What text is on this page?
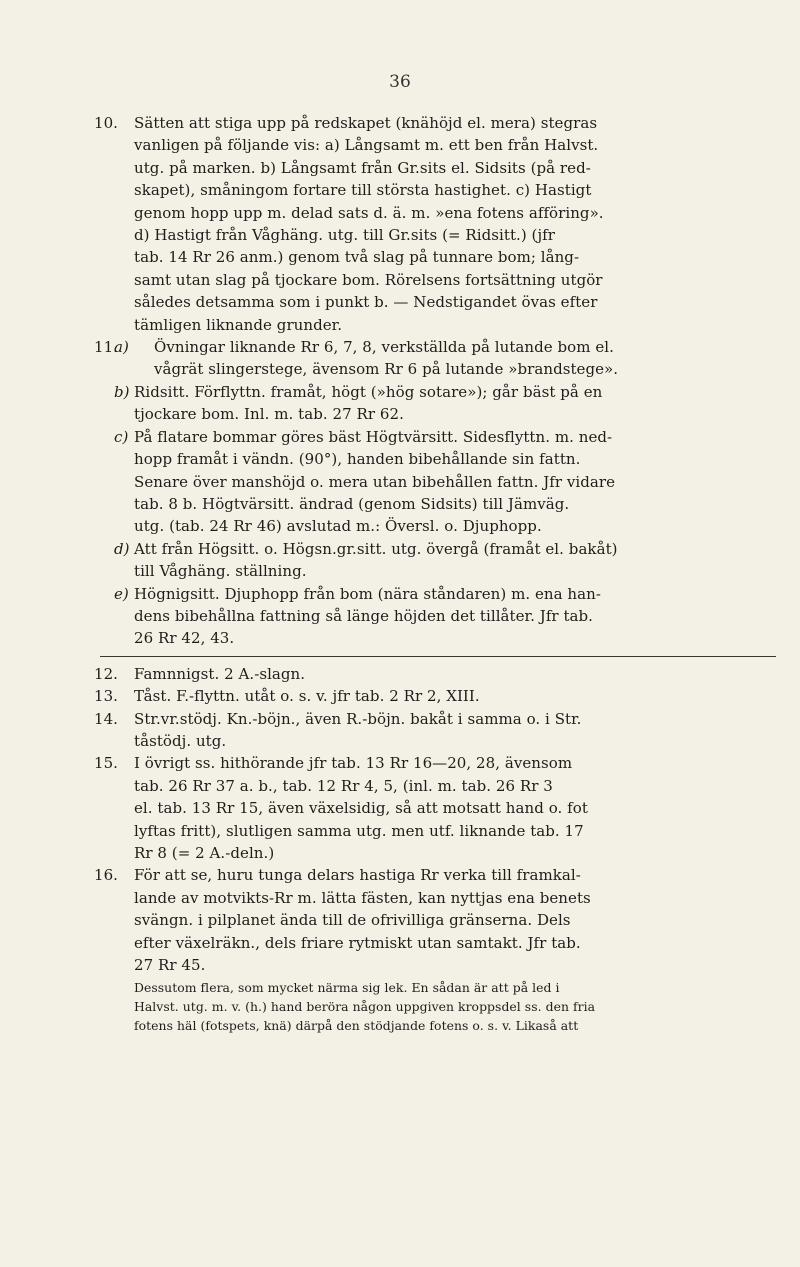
36
10. Sätten att stiga upp på redskapet (knähöjd el. mera) stegras
vanligen på följande vis: a) Långsamt m. ett ben från Halvst.
utg. på marken. b) Långsamt från Gr.sits el. Sidsits (på red-
skapet), småningom fortare till största hastighet. c) Hastigt
genom hopp upp m. delad sats d. ä. m. »ena fotens afföring».
d) Hastigt från Våghäng. utg. till Gr.sits (= Ridsitt.) (jfr
tab. 14 Rr 26 anm.) genom två slag på tunnare bom; lång-
samt utan slag på tjockare bom. Rörelsens fortsättning utgör
således detsamma som i punkt b. — Nedstigandet övas efter
tämligen liknande grunder.
11.
a)	Övningar liknande Rr 6, 7, 8, verkställda på lutande bom el.
vågrät slingerstege, ävensom Rr 6 på lutande »brandstege».
b) Ridsitt. Förflyttn. framåt, högt (»hög sotare»); går bäst på en
tjockare bom. Inl. m. tab. 27 Rr 62.
c) På flatare bommar göres bäst Högtvärsitt. Sidesflyttn. m. ned-
hopp framåt i vändn. (90°), handen bibehållande sin fattn.
Senare över manshöjd o. mera utan bibehållen fattn. Jfr vidare
tab. 8 b. Högtvärsitt. ändrad (genom Sidsits) till Jämväg.
utg. (tab. 24 Rr 46) avslutad m.: Översl. o. Djuphopp.
d) Att från Högsitt. o. Högsn.gr.sitt. utg. övergå (framåt el. bakåt)
till Våghäng. ställning.
e) Högnigsitt. Djuphopp från bom (nära ståndaren) m. ena han-
dens bibehållna fattning så länge höjden det tillåter. Jfr tab.
26 Rr 42, 43.
12. Famnnigst. 2 A.-slagn.
13. Tåst. F.-flyttn. utåt o. s. v. jfr tab. 2 Rr 2, XIII.
14. Str.vr.stödj. Kn.-böjn., även R.-böjn. bakåt i samma o. i Str.
tåstödj. utg.
15. I övrigt ss. hithörande jfr tab. 13 Rr 16—20, 28, ävensom
tab. 26 Rr 37 a. b., tab. 12 Rr 4, 5, (inl. m. tab. 26 Rr 3
el. tab. 13 Rr 15, även växelsidig, så att motsatt hand o. fot
lyftas fritt), slutligen samma utg. men utf. liknande tab. 17
Rr 8 (= 2 A.-deln.)
16. För att se, huru tunga delars hastiga Rr verka till framkal-
lande av motvikts-Rr m. lätta fästen, kan nyttjas ena benets
svängn. i pilplanet ända till de ofrivilliga gränserna. Dels
efter växelräkn., dels friare rytmiskt utan samtakt. Jfr tab.
27 Rr 45.
Dessutom flera, som mycket närma sig lek. En sådan är att på led i
Halvst. utg. m. v. (h.) hand beröra någon uppgiven kroppsdel ss. den fria
fotens häl (fotspets, knä) därpå den stödjande fotens o. s. v. Likaså att
